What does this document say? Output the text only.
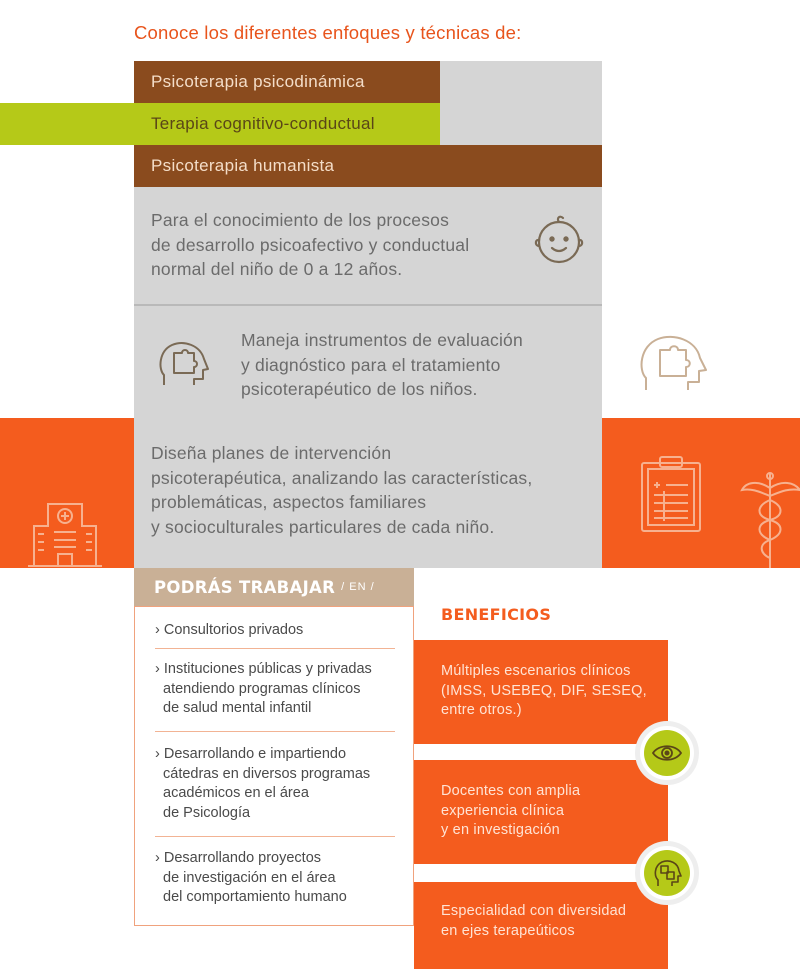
Conoce los diferentes enfoques y técnicas de:
Psicoterapia psicodinámica
Terapia cognitivo-conductual
Psicoterapia humanista
Para el conocimiento de los procesos
de desarrollo psicoafectivo y conductual
normal del niño de 0 a 12 años.
Maneja instrumentos de evaluación
y diagnóstico para el tratamiento
psicoterapéutico de los niños.
Diseña planes de intervención
psicoterapéutica, analizando las características,
problemáticas, aspectos familiares
y socioculturales particulares de cada niño.
PODRÁS TRABAJAR / EN /
› Consultorios privados
› Instituciones públicas y privadas
atendiendo programas clínicos
de salud mental infantil
› Desarrollando e impartiendo
cátedras en diversos programas
académicos en el área
de Psicología
› Desarrollando proyectos
de investigación en el área
del comportamiento humano
BENEFICIOS
Múltiples escenarios clínicos
(IMSS, USEBEQ, DIF, SESEQ,
entre otros.)
Docentes con amplia
experiencia clínica
y en investigación
Especialidad con diversidad
en ejes terapeúticos
